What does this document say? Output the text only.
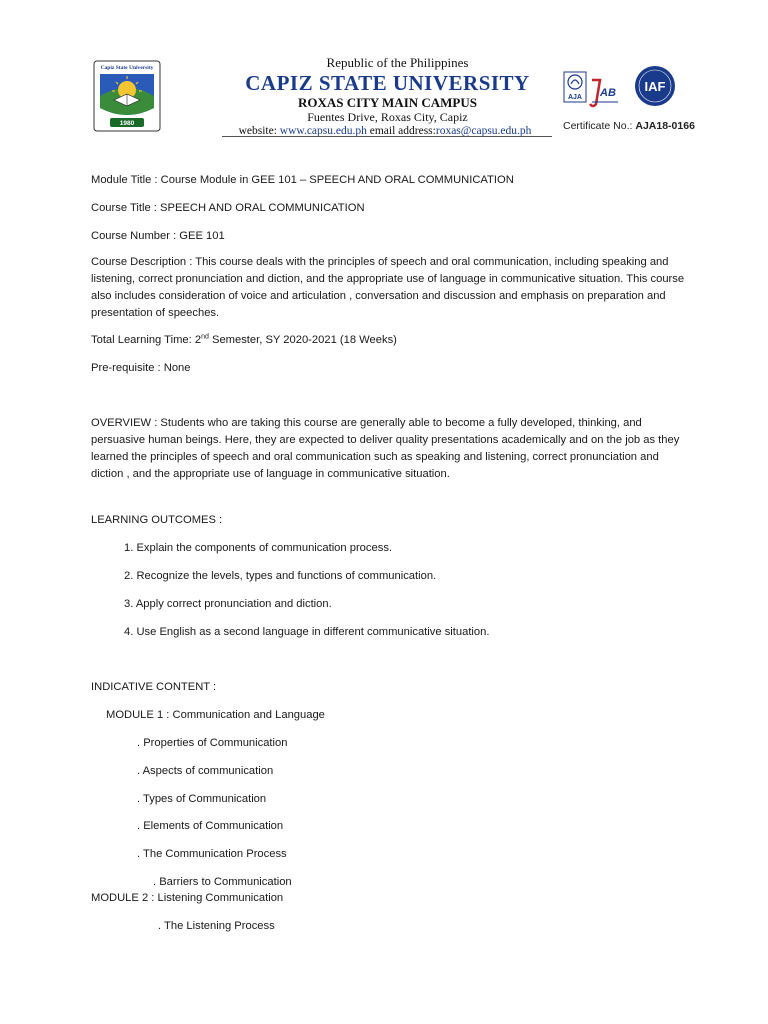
Capiz State University
1980
Republic of the Philippines
CAPIZ STATE UNIVERSITY
ROXAS CITY MAIN CAMPUS
Fuentes Drive, Roxas City, Capiz
website: www.capsu.edu.ph email address:roxas@capsu.edu.ph
AJA AB IAF
Certificate No.: AJA18-0166
Module Title : Course Module in GEE 101 – SPEECH AND ORAL COMMUNICATION
Course Title : SPEECH AND ORAL COMMUNICATION
Course Number : GEE 101
Course Description : This course deals with the principles of speech and oral communication, including speaking and listening, correct pronunciation and diction, and the appropriate use of language in communicative situation. This course also includes consideration of voice and articulation , conversation and discussion and emphasis on preparation and presentation of speeches.
Total Learning Time: 2nd Semester, SY 2020-2021 (18 Weeks)
Pre-requisite : None
OVERVIEW : Students who are taking this course are generally able to become a fully developed, thinking, and persuasive human beings. Here, they are expected to deliver quality presentations academically and on the job as they learned the principles of speech and oral communication such as speaking and listening, correct pronunciation and diction , and the appropriate use of language in communicative situation.
LEARNING OUTCOMES :
1. Explain the components of communication process.
2. Recognize the levels, types and functions of communication.
3. Apply correct pronunciation and diction.
4. Use English as a second language in different communicative situation.
INDICATIVE CONTENT :
MODULE 1 : Communication and Language
. Properties of Communication
. Aspects of communication
. Types of Communication
. Elements of Communication
. The Communication Process
. Barriers to Communication
MODULE 2 : Listening Communication
. The Listening Process
